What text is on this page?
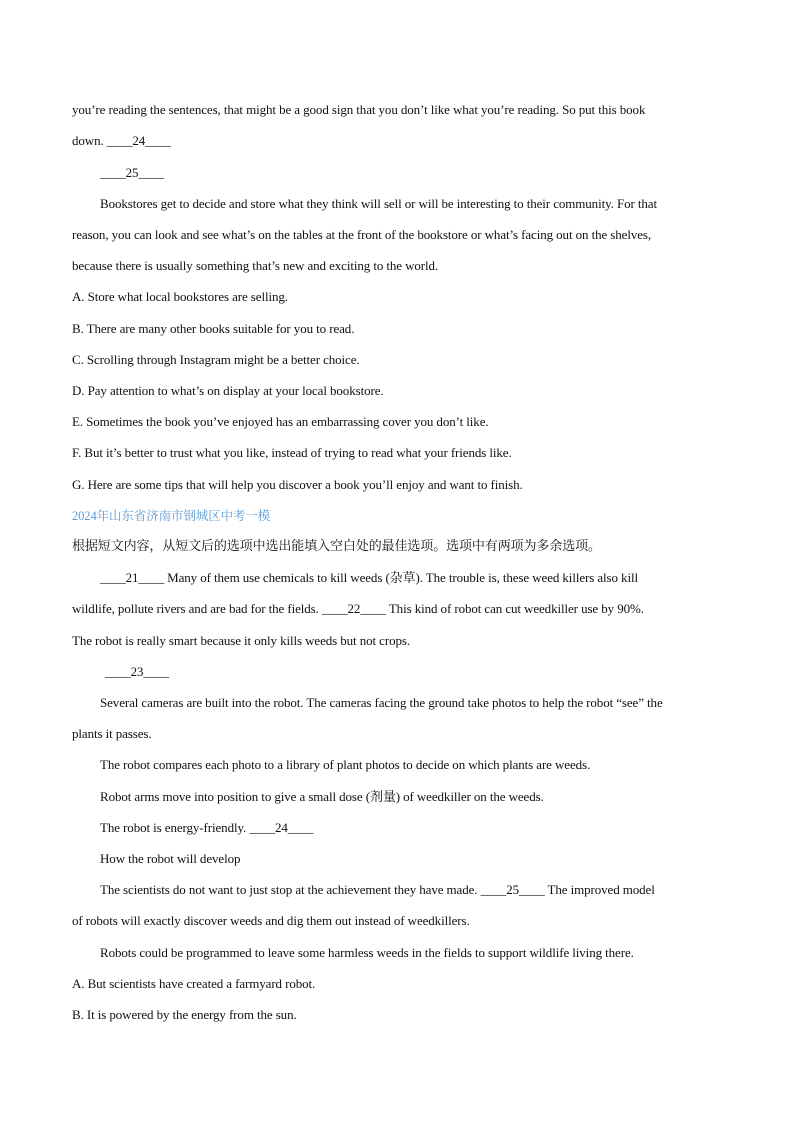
you’re reading the sentences, that might be a good sign that you don’t like what you’re reading. So put this book
down. ____24____
____25____
Bookstores get to decide and store what they think will sell or will be interesting to their community. For that
reason, you can look and see what’s on the tables at the front of the bookstore or what’s facing out on the shelves,
because there is usually something that’s new and exciting to the world.
A. Store what local bookstores are selling.
B. There are many other books suitable for you to read.
C. Scrolling through Instagram might be a better choice.
D. Pay attention to what’s on display at your local bookstore.
E. Sometimes the book you’ve enjoyed has an embarrassing cover you don’t like.
F. But it’s better to trust what you like, instead of trying to read what your friends like.
G. Here are some tips that will help you discover a book you’ll enjoy and want to finish.
2024年山东省济南市钢城区中考一模
根据短文内容，从短文后的选项中选出能填入空白处的最佳选项。选项中有两项为多余选项。
____21____ Many of them use chemicals to kill weeds (杂草). The trouble is, these weed killers also kill
wildlife, pollute rivers and are bad for the fields. ____22____ This kind of robot can cut weedkiller use by 90%.
The robot is really smart because it only kills weeds but not crops.
____23____
Several cameras are built into the robot. The cameras facing the ground take photos to help the robot “see” the
plants it passes.
The robot compares each photo to a library of plant photos to decide on which plants are weeds.
Robot arms move into position to give a small dose (剂量) of weedkiller on the weeds.
The robot is energy-friendly. ____24____
How the robot will develop
The scientists do not want to just stop at the achievement they have made. ____25____ The improved model
of robots will exactly discover weeds and dig them out instead of weedkillers.
Robots could be programmed to leave some harmless weeds in the fields to support wildlife living there.
A. But scientists have created a farmyard robot.
B. It is powered by the energy from the sun.
